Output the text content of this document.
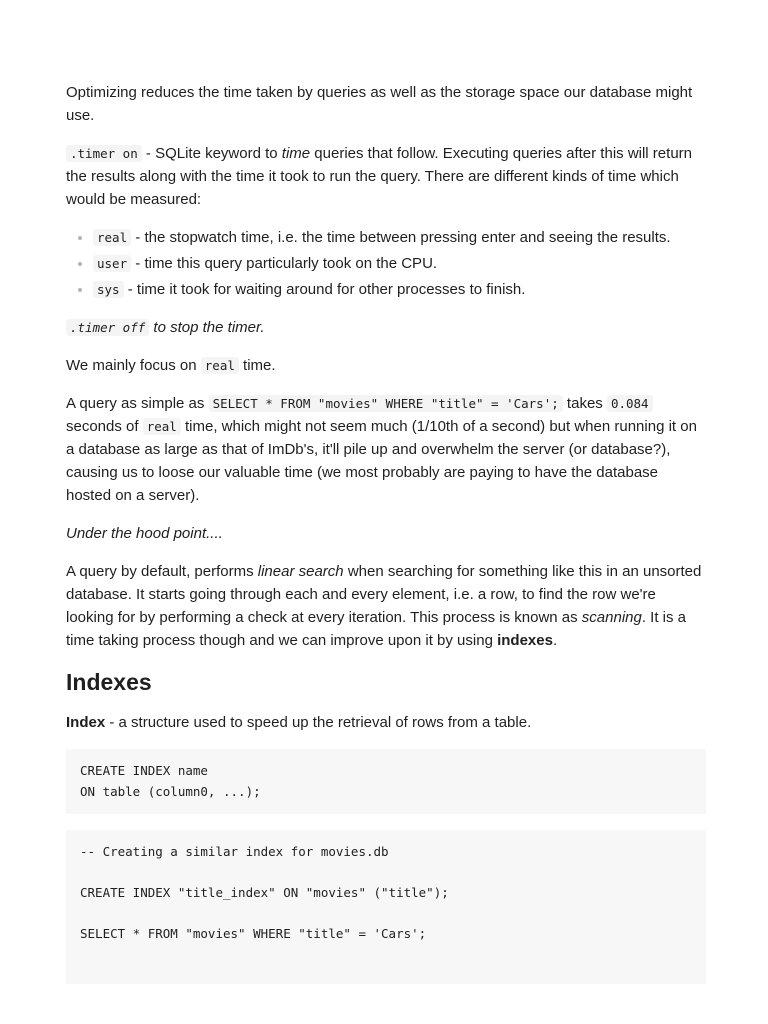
Optimizing reduces the time taken by queries as well as the storage space our database might use.

.timer on - SQLite keyword to time queries that follow. Executing queries after this will return the results along with the time it took to run the query. There are different kinds of time which would be measured:

• real - the stopwatch time, i.e. the time between pressing enter and seeing the results.
• user - time this query particularly took on the CPU.
• sys - time it took for waiting around for other processes to finish.

.timer off to stop the timer.

We mainly focus on real time.

A query as simple as SELECT * FROM "movies" WHERE "title" = 'Cars'; takes 0.084 seconds of real time, which might not seem much (1/10th of a second) but when running it on a database as large as that of ImDb's, it'll pile up and overwhelm the server (or database?), causing us to loose our valuable time (we most probably are paying to have the database hosted on a server).

Under the hood point....

A query by default, performs linear search when searching for something like this in an unsorted database. It starts going through each and every element, i.e. a row, to find the row we're looking for by performing a check at every iteration. This process is known as scanning. It is a time taking process though and we can improve upon it by using indexes.

Indexes

Index - a structure used to speed up the retrieval of rows from a table.

CREATE INDEX name
ON table (column0, ...);
-- Creating a similar index for movies.db

CREATE INDEX "title_index" ON "movies" ("title");

SELECT * FROM "movies" WHERE "title" = 'Cars';
